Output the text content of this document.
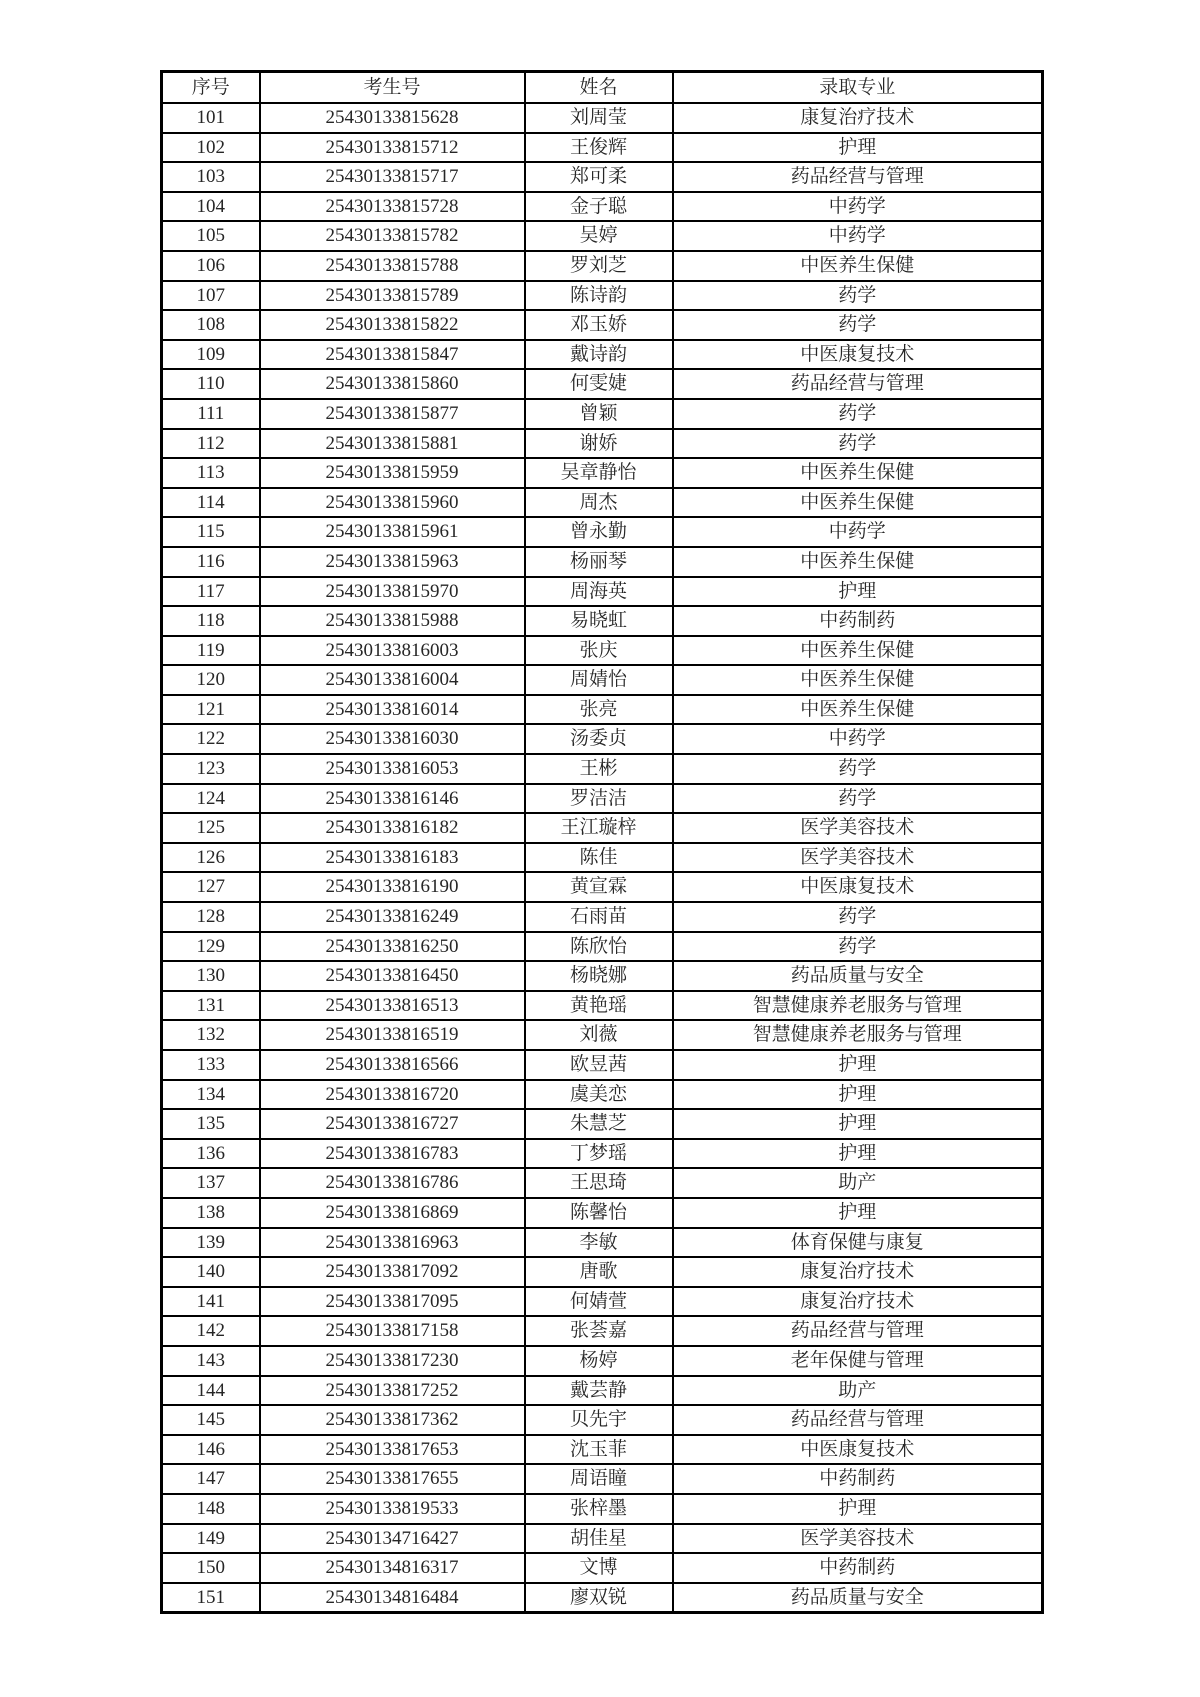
序号	考生号	姓名	录取专业
101	25430133815628	刘周莹	康复治疗技术
102	25430133815712	王俊辉	护理
103	25430133815717	郑可柔	药品经营与管理
104	25430133815728	金子聪	中药学
105	25430133815782	吴婷	中药学
106	25430133815788	罗刘芝	中医养生保健
107	25430133815789	陈诗韵	药学
108	25430133815822	邓玉娇	药学
109	25430133815847	戴诗韵	中医康复技术
110	25430133815860	何雯婕	药品经营与管理
111	25430133815877	曾颖	药学
112	25430133815881	谢娇	药学
113	25430133815959	吴章静怡	中医养生保健
114	25430133815960	周杰	中医养生保健
115	25430133815961	曾永勤	中药学
116	25430133815963	杨丽琴	中医养生保健
117	25430133815970	周海英	护理
118	25430133815988	易晓虹	中药制药
119	25430133816003	张庆	中医养生保健
120	25430133816004	周婧怡	中医养生保健
121	25430133816014	张亮	中医养生保健
122	25430133816030	汤委贞	中药学
123	25430133816053	王彬	药学
124	25430133816146	罗洁洁	药学
125	25430133816182	王江璇梓	医学美容技术
126	25430133816183	陈佳	医学美容技术
127	25430133816190	黄宣霖	中医康复技术
128	25430133816249	石雨苗	药学
129	25430133816250	陈欣怡	药学
130	25430133816450	杨晓娜	药品质量与安全
131	25430133816513	黄艳瑶	智慧健康养老服务与管理
132	25430133816519	刘薇	智慧健康养老服务与管理
133	25430133816566	欧昱茜	护理
134	25430133816720	虞美恋	护理
135	25430133816727	朱慧芝	护理
136	25430133816783	丁梦瑶	护理
137	25430133816786	王思琦	助产
138	25430133816869	陈馨怡	护理
139	25430133816963	李敏	体育保健与康复
140	25430133817092	唐歌	康复治疗技术
141	25430133817095	何婧萱	康复治疗技术
142	25430133817158	张荟嘉	药品经营与管理
143	25430133817230	杨婷	老年保健与管理
144	25430133817252	戴芸静	助产
145	25430133817362	贝先宇	药品经营与管理
146	25430133817653	沈玉菲	中医康复技术
147	25430133817655	周语瞳	中药制药
148	25430133819533	张梓墨	护理
149	25430134716427	胡佳星	医学美容技术
150	25430134816317	文博	中药制药
151	25430134816484	廖双锐	药品质量与安全
